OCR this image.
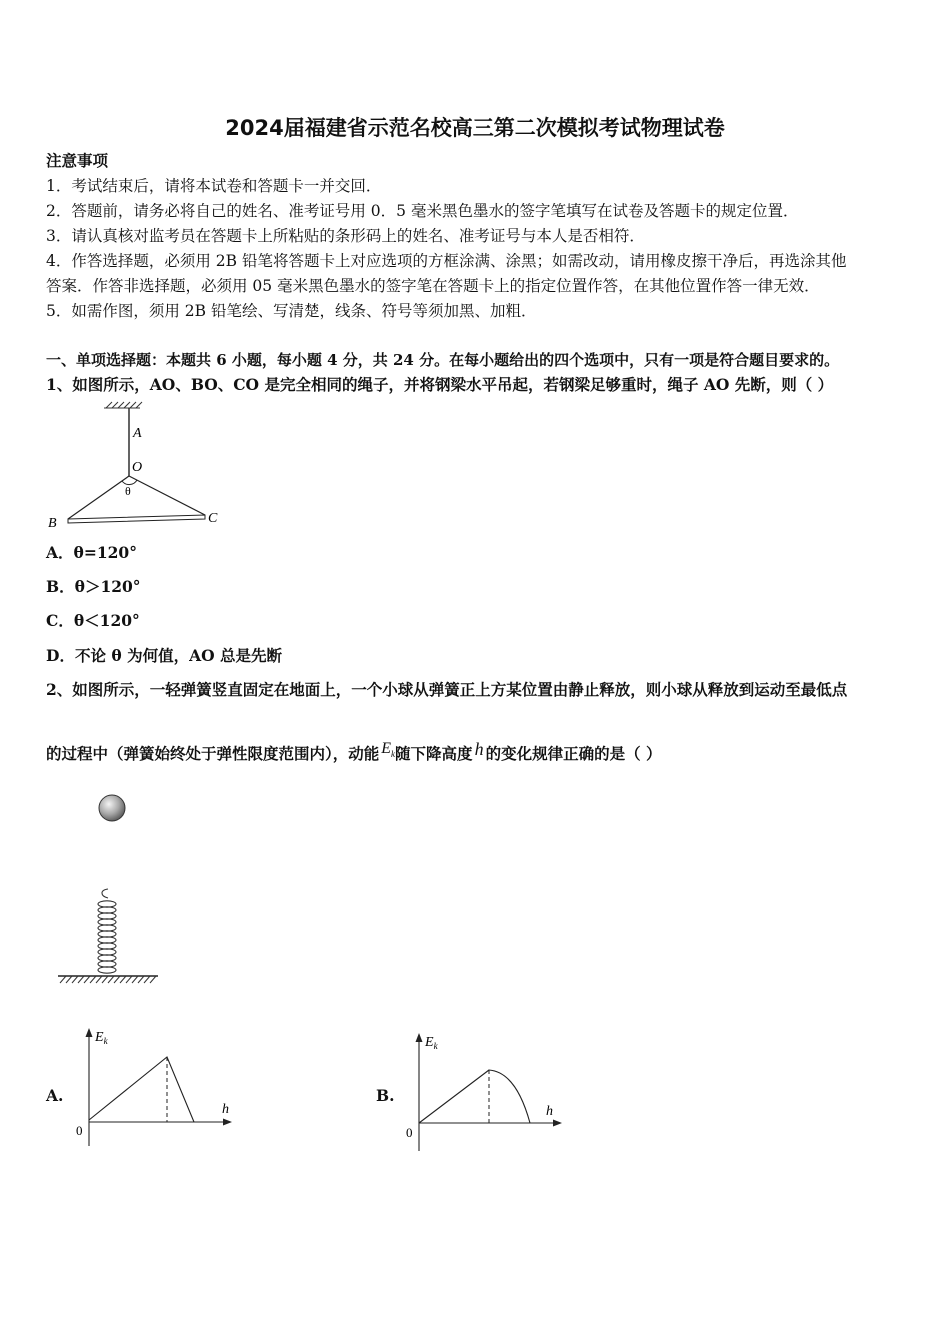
2024届福建省示范名校高三第二次模拟考试物理试卷
注意事项
1．考试结束后，请将本试卷和答题卡一并交回．
2．答题前，请务必将自己的姓名、准考证号用 0．5 毫米黑色墨水的签字笔填写在试卷及答题卡的规定位置．
3．请认真核对监考员在答题卡上所粘贴的条形码上的姓名、准考证号与本人是否相符．
4．作答选择题，必须用 2B 铅笔将答题卡上对应选项的方框涂满、涂黑；如需改动，请用橡皮擦干净后，再选涂其他
答案．作答非选择题，必须用 05 毫米黑色墨水的签字笔在答题卡上的指定位置作答，在其他位置作答一律无效．
5．如需作图，须用 2B 铅笔绘、写清楚，线条、符号等须加黑、加粗．
一、单项选择题：本题共 6 小题，每小题 4 分，共 24 分。在每小题给出的四个选项中，只有一项是符合题目要求的。
1、如图所示，AO、BO、CO 是完全相同的绳子，并将钢梁水平吊起，若钢梁足够重时，绳子 AO 先断，则（ ）
A
O
θ
B	C
A．θ=120°
B．θ＞120°
C．θ＜120°
D．不论 θ 为何值，AO 总是先断
2、如图所示，一轻弹簧竖直固定在地面上，一个小球从弹簧正上方某位置由静止释放，则小球从释放到运动至最低点
的过程中（弹簧始终处于弹性限度范围内），动能 $E_k$随下降高度 h 的变化规律正确的是（ ）
A.
$E_k$
h
0
B.
$E_k$
h
0
